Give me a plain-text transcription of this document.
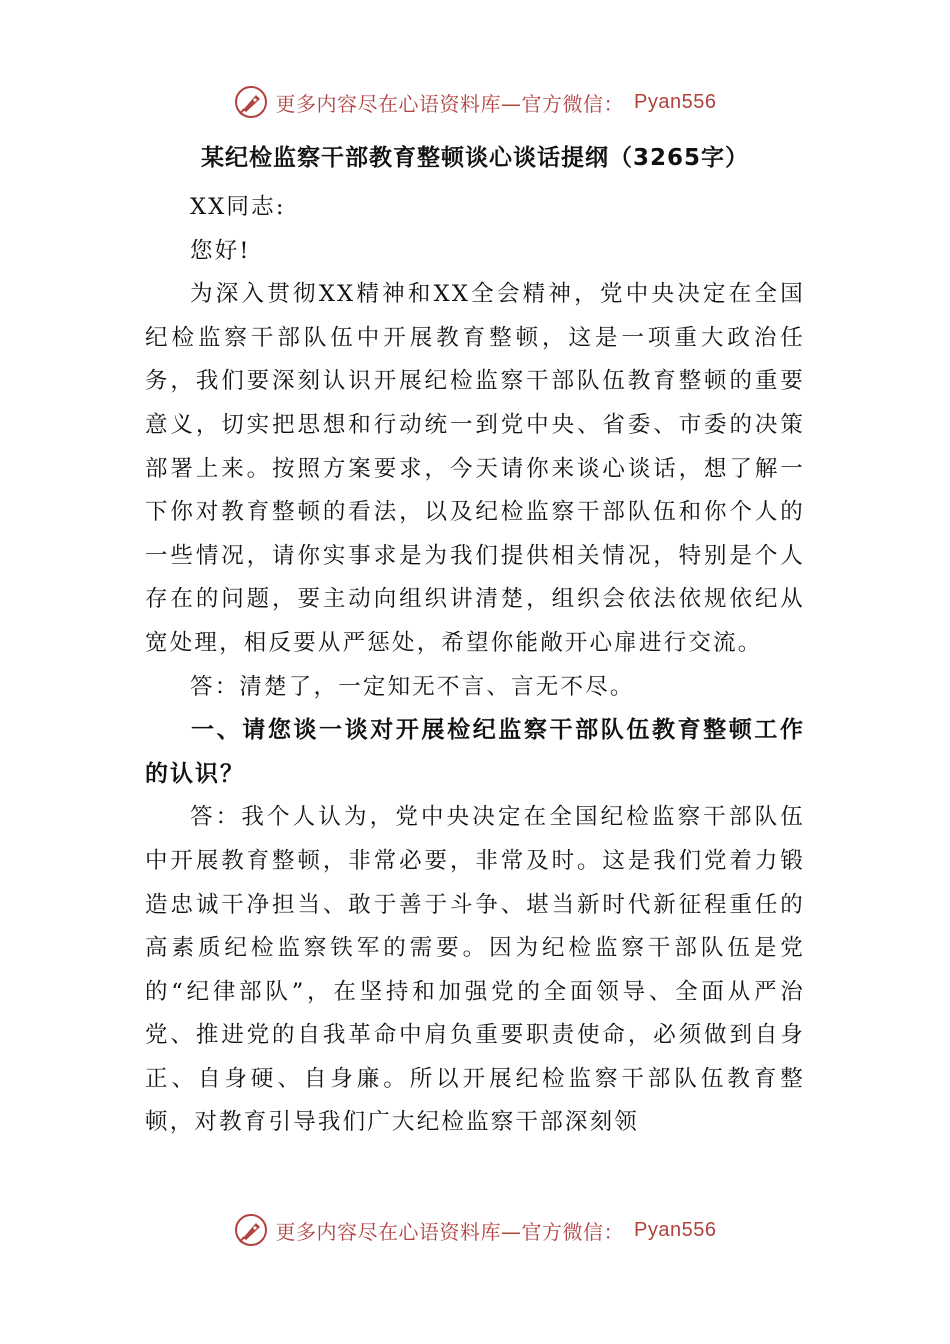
更多内容尽在心语资料库—官方微信： Pyan556
某纪检监察干部教育整顿谈心谈话提纲（3265字）

XX同志:

您好!

为深入贯彻XX精神和XX全会精神，党中央决定在全国纪检监察干部队伍中开展教育整顿，这是一项重大政治任务，我们要深刻认识开展纪检监察干部队伍教育整顿的重要意义，切实把思想和行动统一到党中央、省委、市委的决策部署上来。按照方案要求，今天请你来谈心谈话，想了解一下你对教育整顿的看法，以及纪检监察干部队伍和你个人的一些情况，请你实事求是为我们提供相关情况，特别是个人存在的问题，要主动向组织讲清楚，组织会依法依规依纪从宽处理，相反要从严惩处，希望你能敞开心扉进行交流。

答：清楚了，一定知无不言、言无不尽。

一、请您谈一谈对开展检纪监察干部队伍教育整顿工作的认识？

答：我个人认为，党中央决定在全国纪检监察干部队伍中开展教育整顿，非常必要，非常及时。这是我们党着力锻造忠诚干净担当、敢于善于斗争、堪当新时代新征程重任的高素质纪检监察铁军的需要。因为纪检监察干部队伍是党的“纪律部队”，在坚持和加强党的全面领导、全面从严治党、推进党的自我革命中肩负重要职责使命，必须做到自身正、自身硬、自身廉。所以开展纪检监察干部队伍教育整顿，对教育引导我们广大纪检监察干部深刻领

更多内容尽在心语资料库—官方微信： Pyan556
